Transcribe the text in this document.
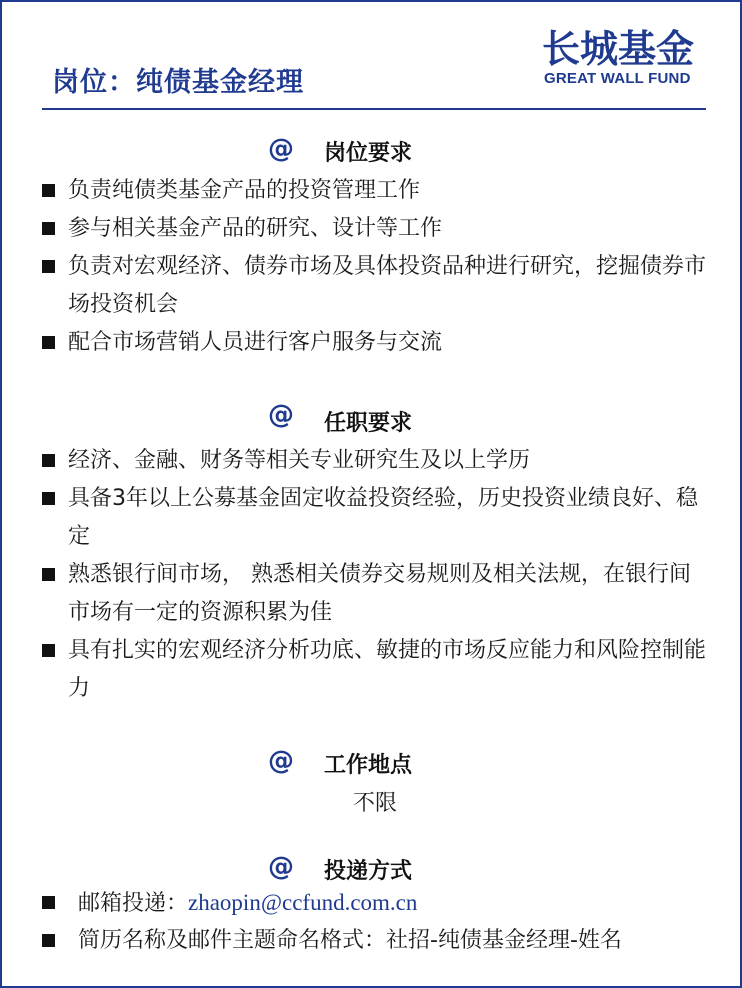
岗位：纯债基金经理
长城基金
GREAT WALL FUND
@ 岗位要求
负责纯债类基金产品的投资管理工作
参与相关基金产品的研究、设计等工作
负责对宏观经济、债券市场及具体投资品种进行研究，挖掘债券市场投资机会
配合市场营销人员进行客户服务与交流
@ 任职要求
经济、金融、财务等相关专业研究生及以上学历
具备3年以上公募基金固定收益投资经验，历史投资业绩良好、稳定
熟悉银行间市场， 熟悉相关债券交易规则及相关法规，在银行间市场有一定的资源积累为佳
具有扎实的宏观经济分析功底、敏捷的市场反应能力和风险控制能力
@ 工作地点
不限
@ 投递方式
邮箱投递：zhaopin@ccfund.com.cn
简历名称及邮件主题命名格式：社招-纯债基金经理-姓名
